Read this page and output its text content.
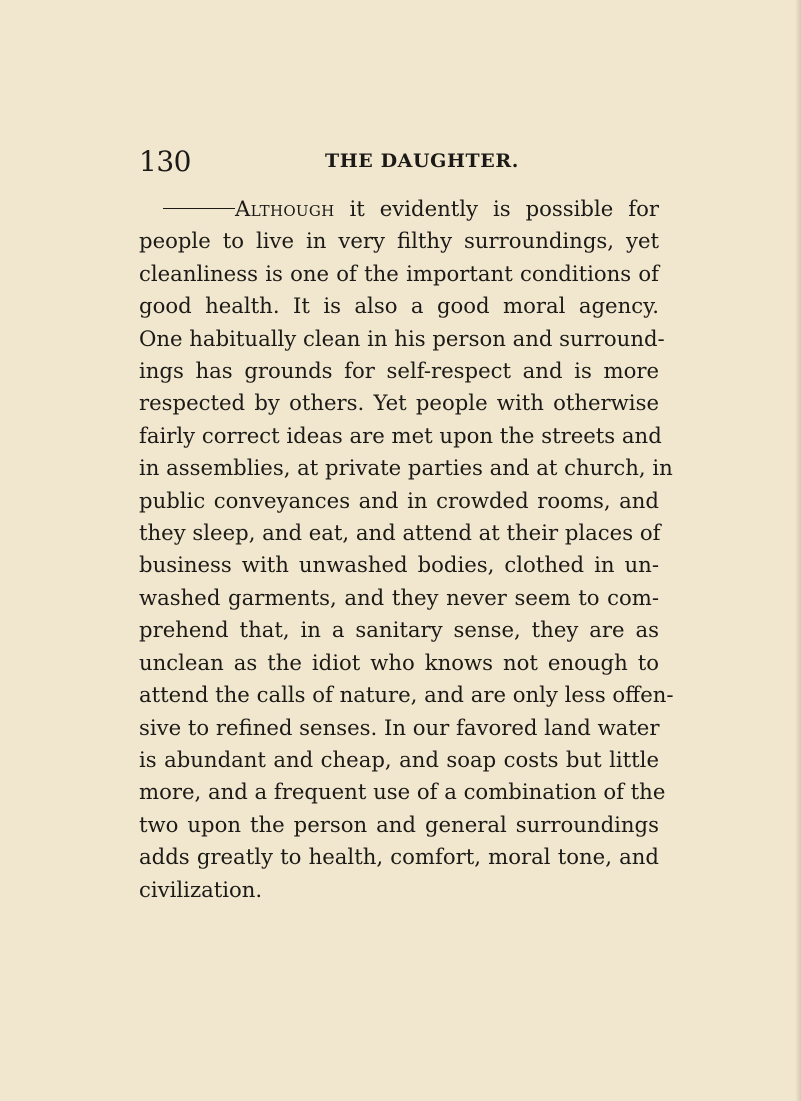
130	THE DAUGHTER.
Although it evidently is possible for
people to live in very filthy surroundings, yet
cleanliness is one of the important conditions of
good health. It is also a good moral agency.
One habitually clean in his person and surround-
ings has grounds for self-respect and is more
respected by others. Yet people with otherwise
fairly correct ideas are met upon the streets and
in assemblies, at private parties and at church, in
public conveyances and in crowded rooms, and
they sleep, and eat, and attend at their places of
business with unwashed bodies, clothed in un-
washed garments, and they never seem to com-
prehend that, in a sanitary sense, they are as
unclean as the idiot who knows not enough to
attend the calls of nature, and are only less offen-
sive to refined senses. In our favored land water
is abundant and cheap, and soap costs but little
more, and a frequent use of a combination of the
two upon the person and general surroundings
adds greatly to health, comfort, moral tone, and
civilization.
